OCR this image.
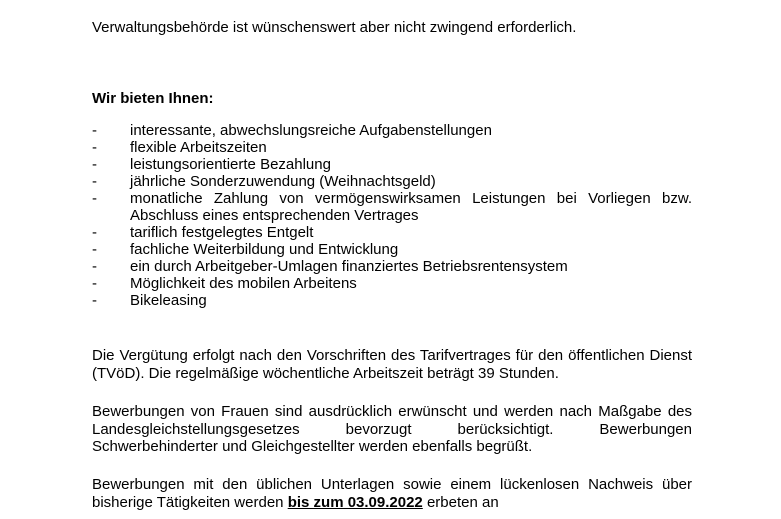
Verwaltungsbehörde ist wünschenswert aber nicht zwingend erforderlich.

Wir bieten Ihnen:

-	interessante, abwechslungsreiche Aufgabenstellungen
-	flexible Arbeitszeiten
-	leistungsorientierte Bezahlung
-	jährliche Sonderzuwendung (Weihnachtsgeld)
-	monatliche Zahlung von vermögenswirksamen Leistungen bei Vorliegen bzw. Abschluss eines entsprechenden Vertrages
-	tariflich festgelegtes Entgelt
-	fachliche Weiterbildung und Entwicklung
-	ein durch Arbeitgeber-Umlagen finanziertes Betriebsrentensystem
-	Möglichkeit des mobilen Arbeitens
-	Bikeleasing

Die Vergütung erfolgt nach den Vorschriften des Tarifvertrages für den öffentlichen Dienst (TVöD). Die regelmäßige wöchentliche Arbeitszeit beträgt 39 Stunden.

Bewerbungen von Frauen sind ausdrücklich erwünscht und werden nach Maßgabe des Landesgleichstellungsgesetzes bevorzugt berücksichtigt. Bewerbungen Schwerbehinderter und Gleichgestellter werden ebenfalls begrüßt.

Bewerbungen mit den üblichen Unterlagen sowie einem lückenlosen Nachweis über bisherige Tätigkeiten werden bis zum 03.09.2022 erbeten an
